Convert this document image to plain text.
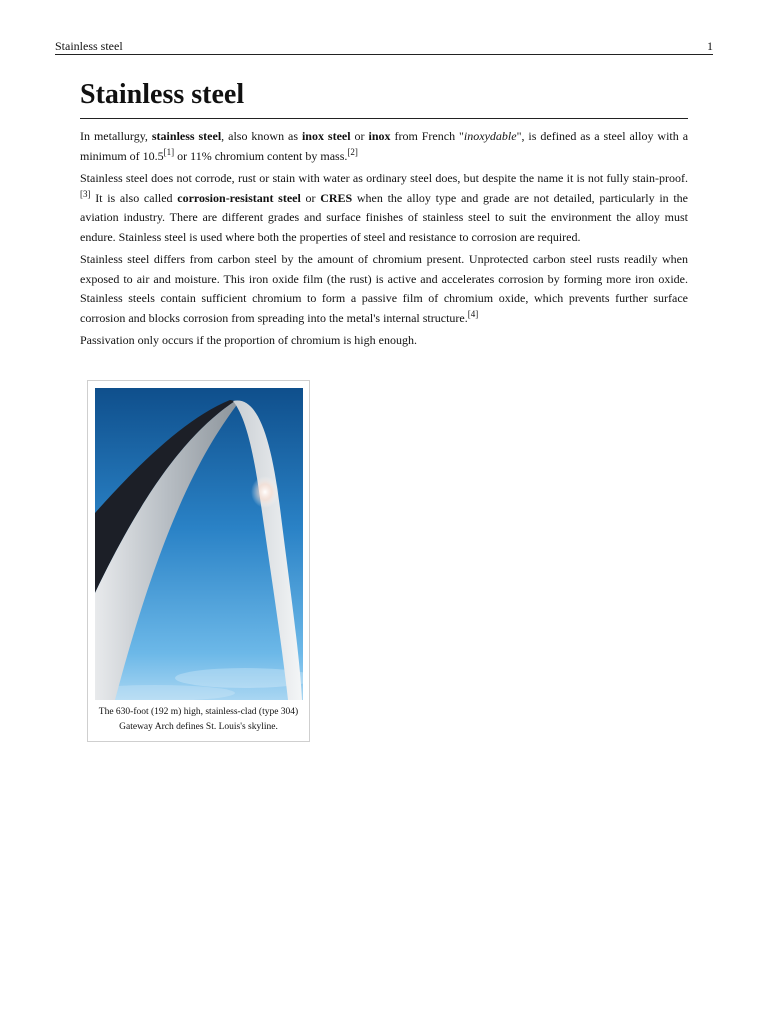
Stainless steel	1
Stainless steel

In metallurgy, stainless steel, also known as inox steel or inox from French "inoxydable", is defined as a steel alloy with a minimum of 10.5[1] or 11% chromium content by mass.[2]

Stainless steel does not corrode, rust or stain with water as ordinary steel does, but despite the name it is not fully stain-proof.[3] It is also called corrosion-resistant steel or CRES when the alloy type and grade are not detailed, particularly in the aviation industry. There are different grades and surface finishes of stainless steel to suit the environment the alloy must endure. Stainless steel is used where both the properties of steel and resistance to corrosion are required.

Stainless steel differs from carbon steel by the amount of chromium present. Unprotected carbon steel rusts readily when exposed to air and moisture. This iron oxide film (the rust) is active and accelerates corrosion by forming more iron oxide. Stainless steels contain sufficient chromium to form a passive film of chromium oxide, which prevents further surface corrosion and blocks corrosion from spreading into the metal's internal structure.[4]

Passivation only occurs if the proportion of chromium is high enough.

The 630-foot (192 m) high, stainless-clad (type 304) Gateway Arch defines St. Louis's skyline.
